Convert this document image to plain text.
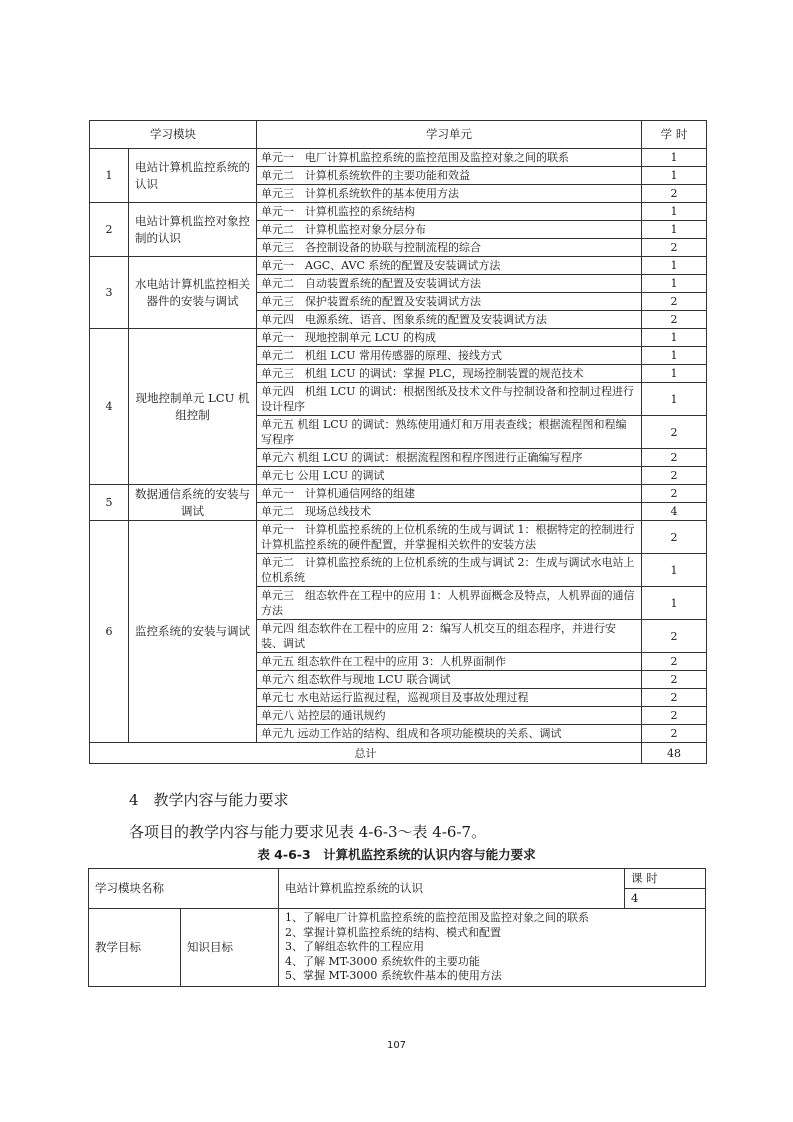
学习模块		学习单元	学 时
1	电站计算机监控系统的认识	单元一　电厂计算机监控系统的监控范围及监控对象之间的联系	1
		单元二　计算机系统软件的主要功能和效益	1
		单元三　计算机系统软件的基本使用方法	2
2	电站计算机监控对象控制的认识	单元一　计算机监控的系统结构	1
		单元二　计算机监控对象分层分布	1
		单元三　各控制设备的协联与控制流程的综合	2
3	水电站计算机监控相关器件的安装与调试	单元一　AGC、AVC 系统的配置及安装调试方法	1
		单元二　自动装置系统的配置及安装调试方法	1
		单元三　保护装置系统的配置及安装调试方法	2
		单元四　电源系统、语音、图象系统的配置及安装调试方法	2
4	现地控制单元 LCU 机组控制	单元一　现地控制单元 LCU 的构成	1
		单元二　机组 LCU 常用传感器的原理、接线方式	1
		单元三　机组 LCU 的调试：掌握 PLC，现场控制装置的规范技术	1
		单元四　机组 LCU 的调试：根据图纸及技术文件与控制设备和控制过程进行设计程序	1
		单元五 机组 LCU 的调试：熟练使用通灯和万用表查线；根据流程图和程编写程序	2
		单元六 机组 LCU 的调试：根据流程图和程序图进行正确编写程序	2
		单元七 公用 LCU 的调试	2
5	数据通信系统的安装与调试	单元一　计算机通信网络的组建	2
		单元二　现场总线技术	4
6	监控系统的安装与调试	单元一　计算机监控系统的上位机系统的生成与调试 1：根据特定的控制进行计算机监控系统的硬件配置，并掌握相关软件的安装方法	2
		单元二　计算机监控系统的上位机系统的生成与调试 2：生成与调试水电站上位机系统	1
		单元三　组态软件在工程中的应用 1：人机界面概念及特点，人机界面的通信方法	1
		单元四 组态软件在工程中的应用 2：编写人机交互的组态程序，并进行安装、调试	2
		单元五 组态软件在工程中的应用 3：人机界面制作	2
		单元六 组态软件与现地 LCU 联合调试	2
		单元七 水电站运行监视过程，巡视项目及事故处理过程	2
		单元八 站控层的通讯规约	2
		单元九 远动工作站的结构、组成和各项功能模块的关系、调试	2
总计			48
4　教学内容与能力要求
各项目的教学内容与能力要求见表 4-6-3～表 4-6-7。
表 4-6-3　计算机监控系统的认识内容与能力要求
学习模块名称		电站计算机监控系统的认识	课 时
			4
教学目标	知识目标	1、了解电厂计算机监控系统的监控范围及监控对象之间的联系
2、掌握计算机监控系统的结构、模式和配置
3、了解组态软件的工程应用
4、了解 MT-3000 系统软件的主要功能
5、掌握 MT-3000 系统软件基本的使用方法	
107
